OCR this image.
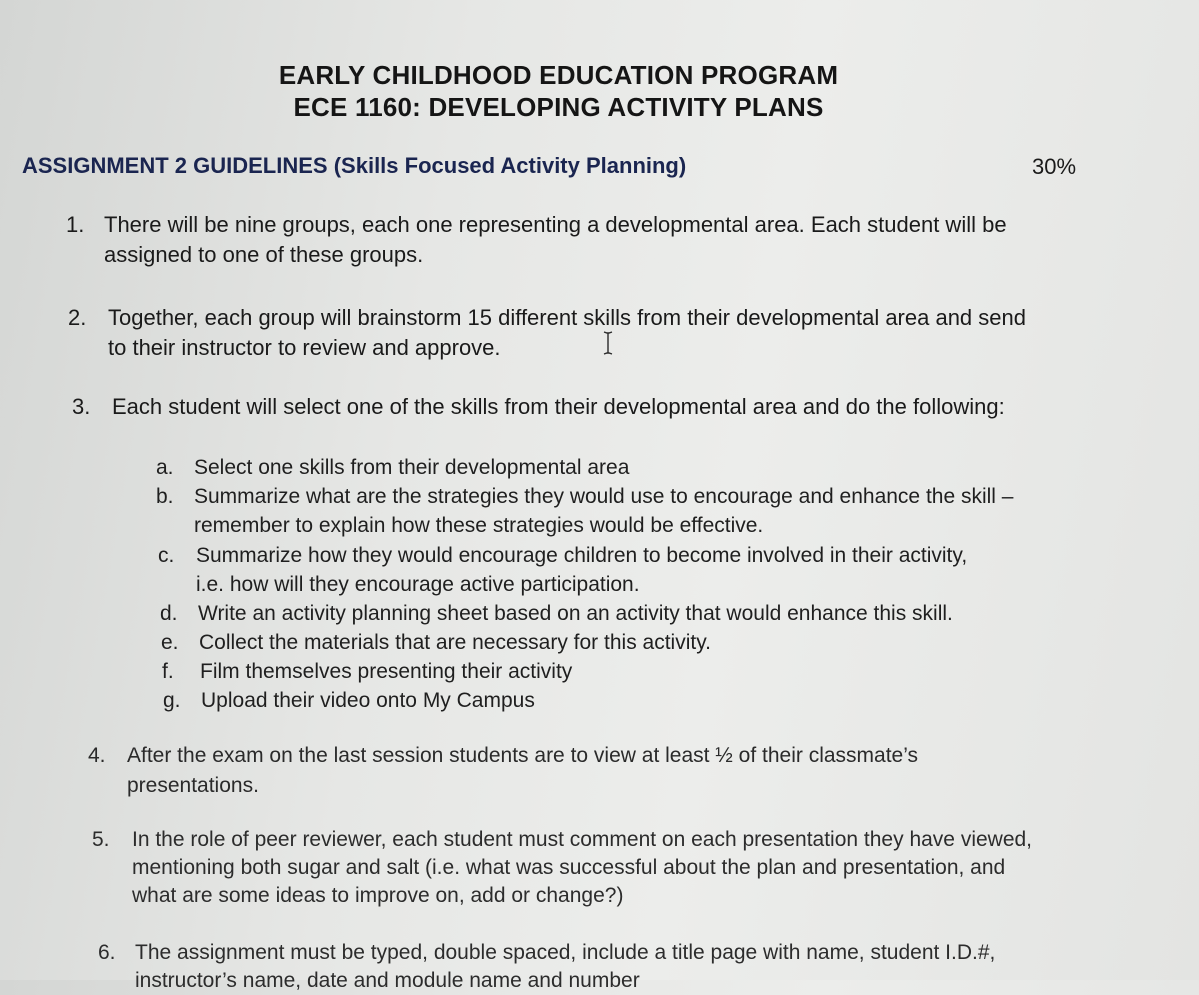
EARLY CHILDHOOD EDUCATION PROGRAM
ECE 1160: DEVELOPING ACTIVITY PLANS
ASSIGNMENT 2 GUIDELINES (Skills Focused Activity Planning)	30%
1. There will be nine groups, each one representing a developmental area. Each student will be assigned to one of these groups.
2. Together, each group will brainstorm 15 different skills from their developmental area and send to their instructor to review and approve.
3. Each student will select one of the skills from their developmental area and do the following:
a. Select one skills from their developmental area
b. Summarize what are the strategies they would use to encourage and enhance the skill – remember to explain how these strategies would be effective.
c. Summarize how they would encourage children to become involved in their activity, i.e. how will they encourage active participation.
d. Write an activity planning sheet based on an activity that would enhance this skill.
e. Collect the materials that are necessary for this activity.
f. Film themselves presenting their activity
g. Upload their video onto My Campus
4. After the exam on the last session students are to view at least ½ of their classmate’s presentations.
5. In the role of peer reviewer, each student must comment on each presentation they have viewed, mentioning both sugar and salt (i.e. what was successful about the plan and presentation, and what are some ideas to improve on, add or change?)
6. The assignment must be typed, double spaced, include a title page with name, student I.D.#, instructor’s name, date and module name and number
